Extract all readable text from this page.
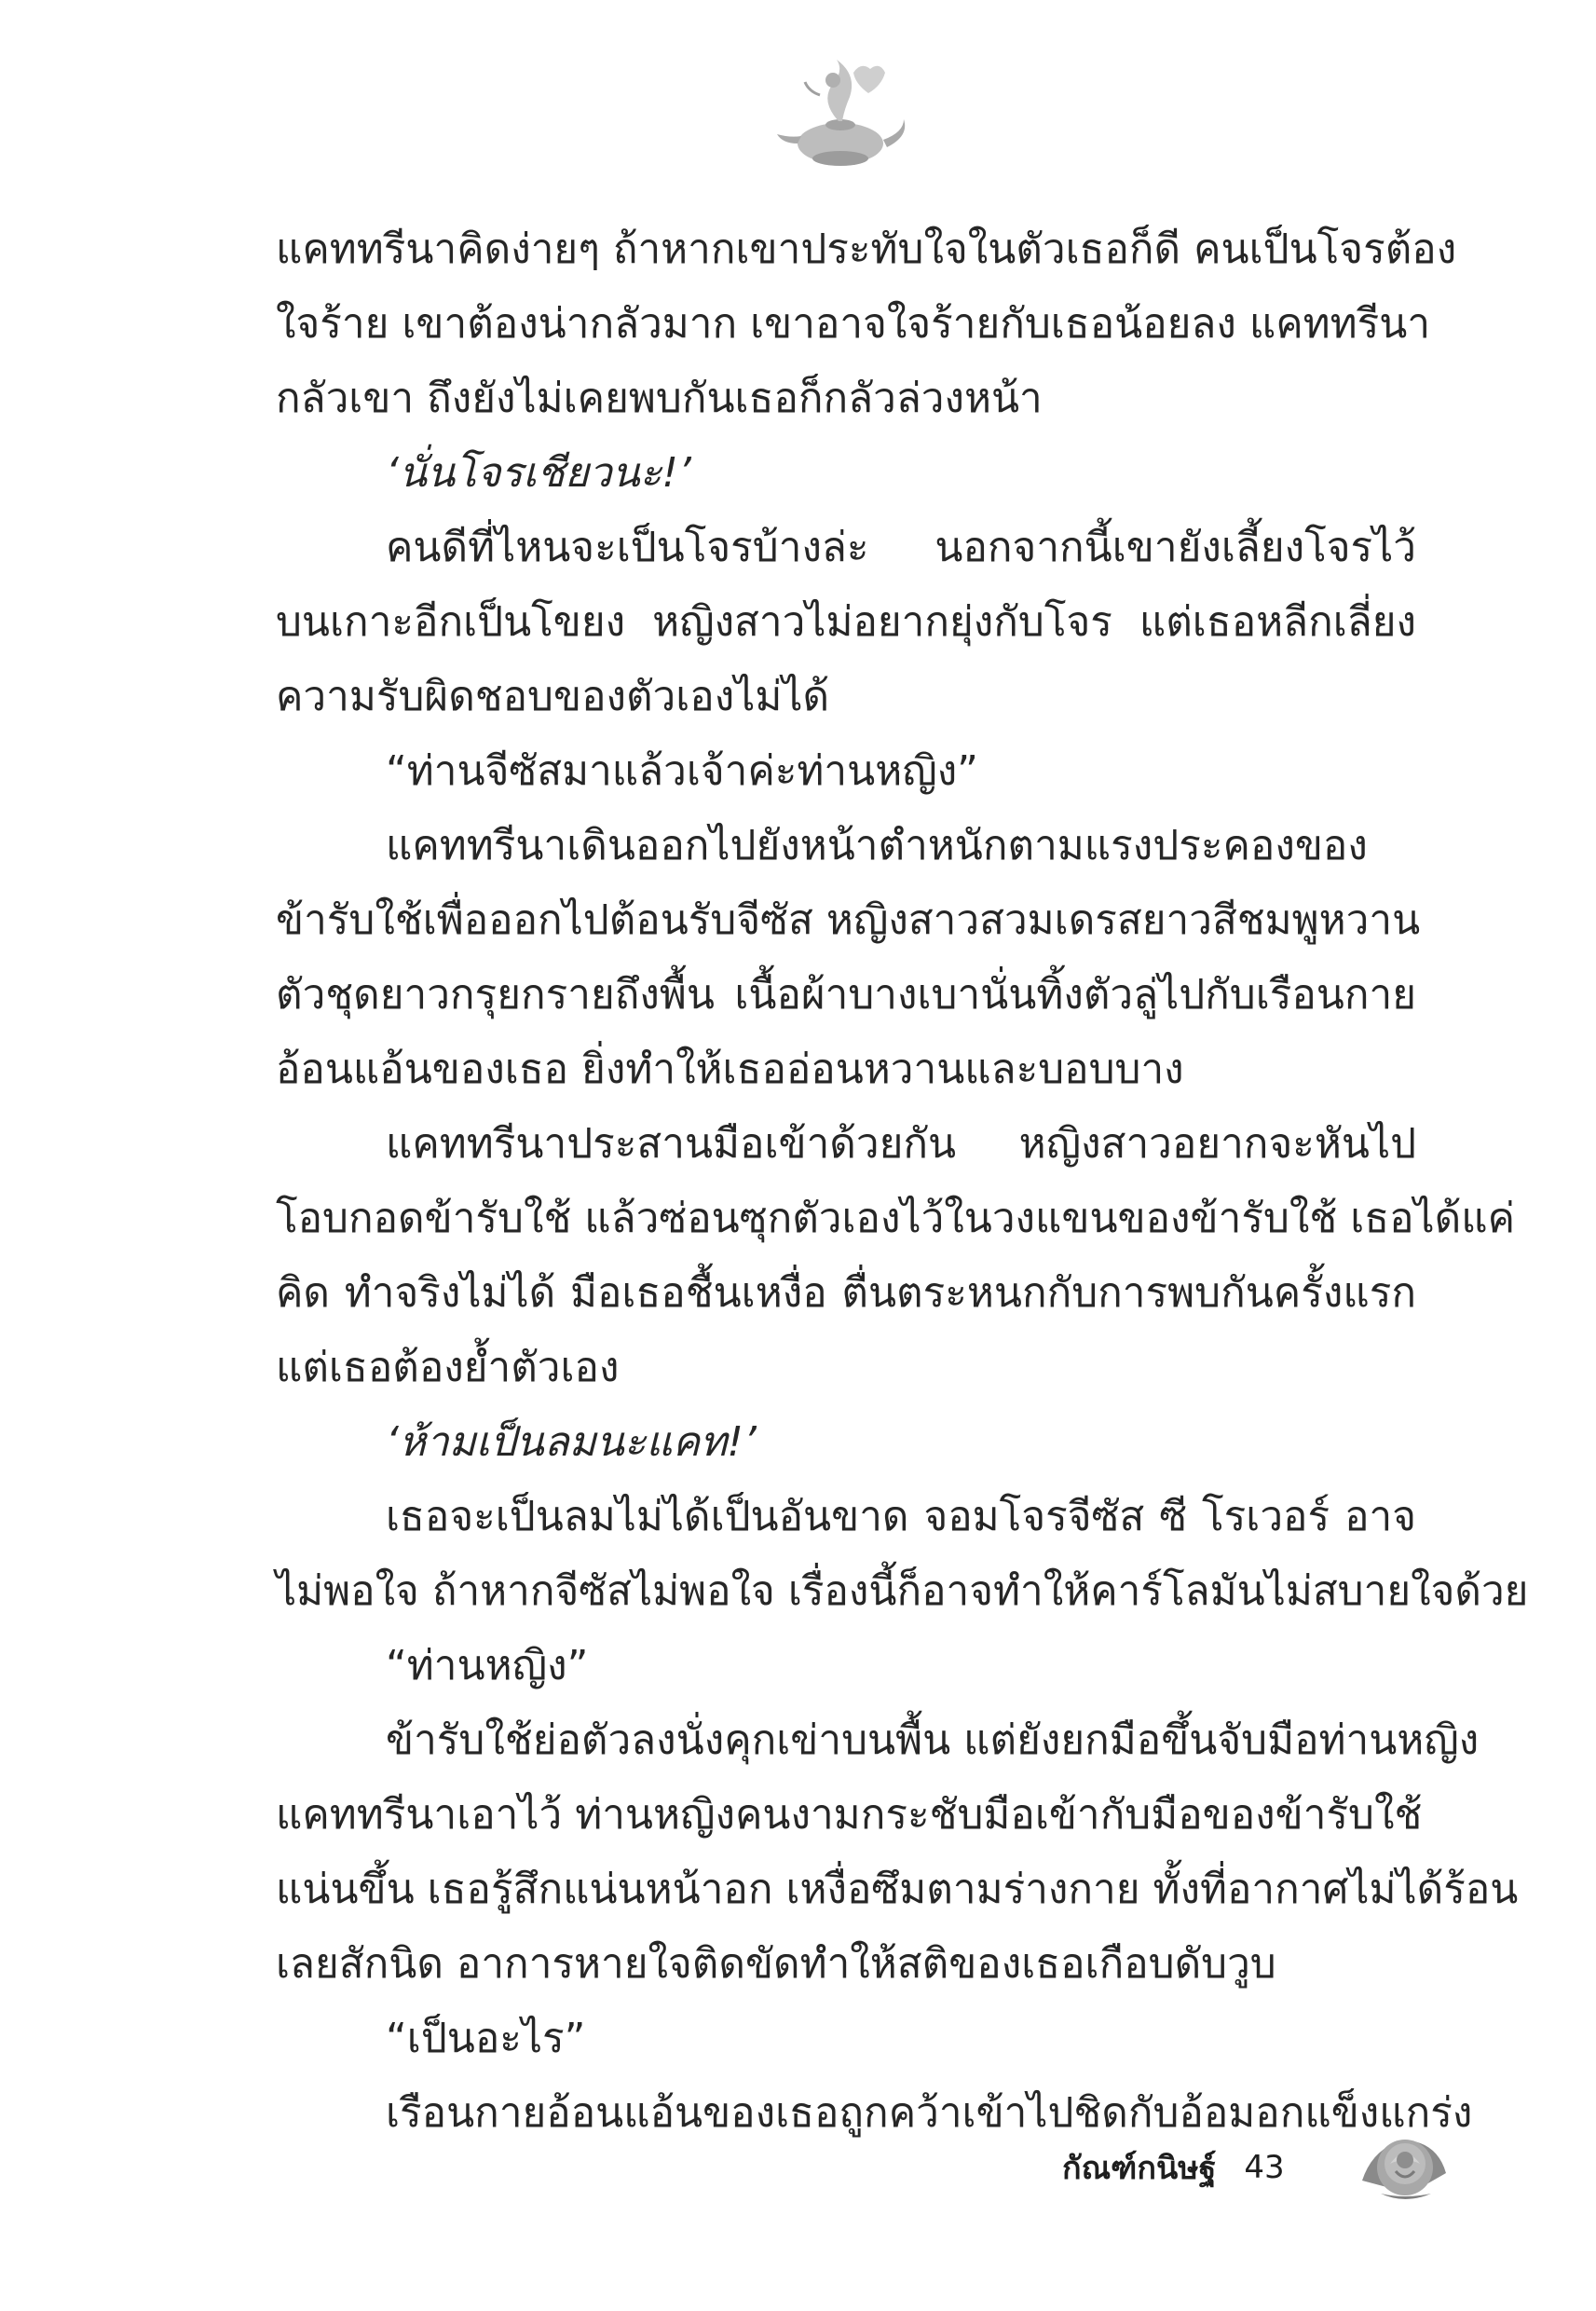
แคททรีนาคิดง่ายๆ ถ้าหากเขาประทับใจในตัวเธอก็ดี คนเป็นโจรต้อง
ใจร้าย เขาต้องน่ากลัวมาก เขาอาจใจร้ายกับเธอน้อยลง แคททรีนา
กลัวเขา ถึงยังไม่เคยพบกันเธอก็กลัวล่วงหน้า
‘นั่นโจรเชียวนะ!’
คนดีที่ไหนจะเป็นโจรบ้างล่ะ นอกจากนี้เขายังเลี้ยงโจรไว้
บนเกาะอีกเป็นโขยง หญิงสาวไม่อยากยุ่งกับโจร แต่เธอหลีกเลี่ยง
ความรับผิดชอบของตัวเองไม่ได้
“ท่านจีซัสมาแล้วเจ้าค่ะท่านหญิง”
แคททรีนาเดินออกไปยังหน้าตำหนักตามแรงประคองของ
ข้ารับใช้เพื่อออกไปต้อนรับจีซัส หญิงสาวสวมเดรสยาวสีชมพูหวาน
ตัวชุดยาวกรุยกรายถึงพื้น เนื้อผ้าบางเบานั่นทิ้งตัวลู่ไปกับเรือนกาย
อ้อนแอ้นของเธอ ยิ่งทำให้เธออ่อนหวานและบอบบาง
แคททรีนาประสานมือเข้าด้วยกัน หญิงสาวอยากจะหันไป
โอบกอดข้ารับใช้ แล้วซ่อนซุกตัวเองไว้ในวงแขนของข้ารับใช้ เธอได้แค่
คิด ทำจริงไม่ได้ มือเธอชื้นเหงื่อ ตื่นตระหนกกับการพบกันครั้งแรก
แต่เธอต้องย้ำตัวเอง
‘ห้ามเป็นลมนะแคท!’
เธอจะเป็นลมไม่ได้เป็นอันขาด จอมโจรจีซัส ซี โรเวอร์ อาจ
ไม่พอใจ ถ้าหากจีซัสไม่พอใจ เรื่องนี้ก็อาจทำให้คาร์โลมันไม่สบายใจด้วย
“ท่านหญิง”
ข้ารับใช้ย่อตัวลงนั่งคุกเข่าบนพื้น แต่ยังยกมือขึ้นจับมือท่านหญิง
แคททรีนาเอาไว้ ท่านหญิงคนงามกระชับมือเข้ากับมือของข้ารับใช้
แน่นขึ้น เธอรู้สึกแน่นหน้าอก เหงื่อซึมตามร่างกาย ทั้งที่อากาศไม่ได้ร้อน
เลยสักนิด อาการหายใจติดขัดทำให้สติของเธอเกือบดับวูบ
“เป็นอะไร”
เรือนกายอ้อนแอ้นของเธอถูกคว้าเข้าไปชิดกับอ้อมอกแข็งแกร่ง
กัณฑ์กนิษฐ์ 43
